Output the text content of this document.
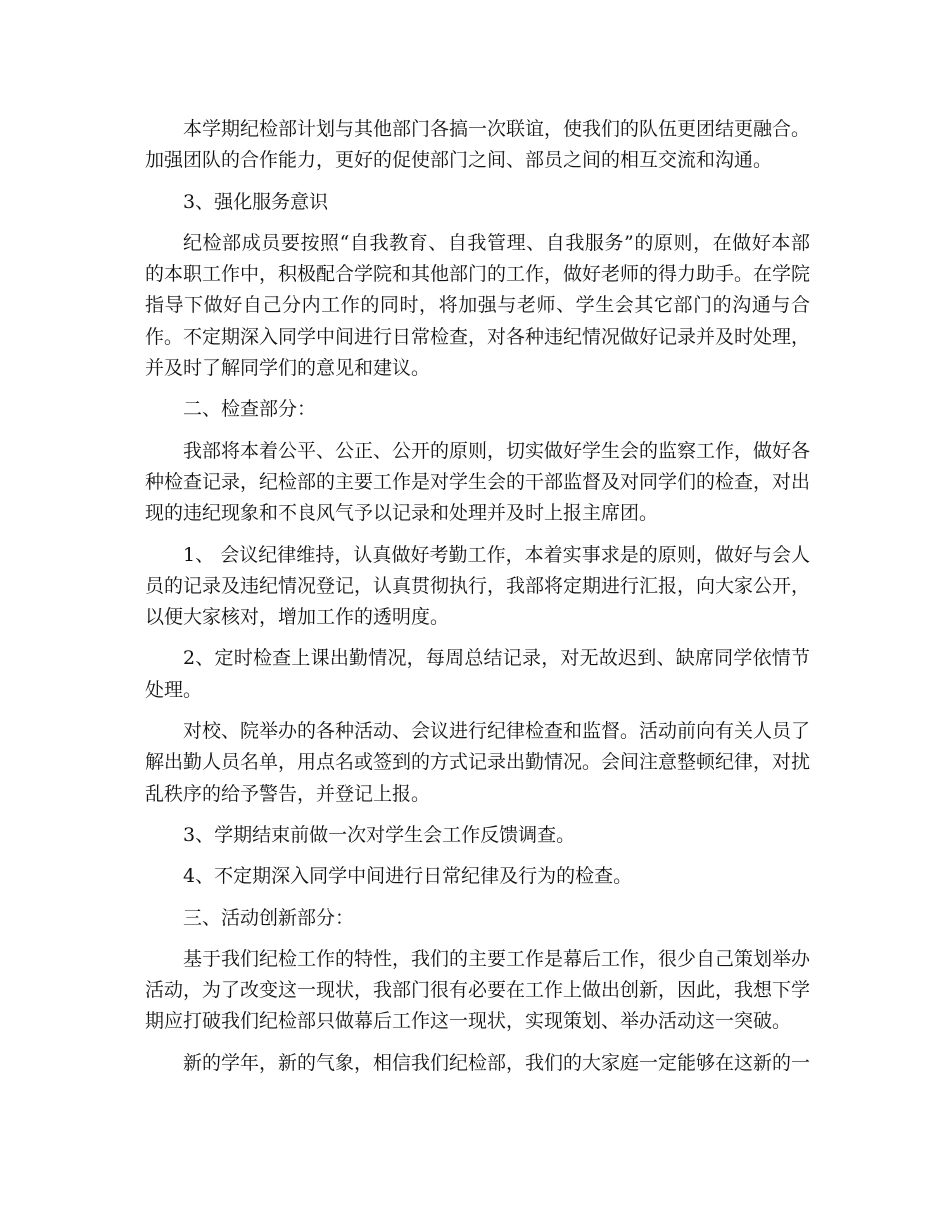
本学期纪检部计划与其他部门各搞一次联谊，使我们的队伍更团结更融合。加强团队的合作能力，更好的促使部门之间、部员之间的相互交流和沟通。

3、强化服务意识

纪检部成员要按照“自我教育、自我管理、自我服务”的原则，在做好本部的本职工作中，积极配合学院和其他部门的工作，做好老师的得力助手。在学院指导下做好自己分内工作的同时，将加强与老师、学生会其它部门的沟通与合作。不定期深入同学中间进行日常检查，对各种违纪情况做好记录并及时处理，并及时了解同学们的意见和建议。

二、检查部分：

我部将本着公平、公正、公开的原则，切实做好学生会的监察工作，做好各种检查记录，纪检部的主要工作是对学生会的干部监督及对同学们的检查，对出现的违纪现象和不良风气予以记录和处理并及时上报主席团。

1、 会议纪律维持，认真做好考勤工作，本着实事求是的原则，做好与会人员的记录及违纪情况登记，认真贯彻执行，我部将定期进行汇报，向大家公开，以便大家核对，增加工作的透明度。

2、定时检查上课出勤情况，每周总结记录，对无故迟到、缺席同学依情节处理。

对校、院举办的各种活动、会议进行纪律检查和监督。活动前向有关人员了解出勤人员名单，用点名或签到的方式记录出勤情况。会间注意整顿纪律，对扰乱秩序的给予警告，并登记上报。

3、学期结束前做一次对学生会工作反馈调查。

4、不定期深入同学中间进行日常纪律及行为的检查。

三、活动创新部分：

基于我们纪检工作的特性，我们的主要工作是幕后工作，很少自己策划举办活动，为了改变这一现状，我部门很有必要在工作上做出创新，因此，我想下学期应打破我们纪检部只做幕后工作这一现状，实现策划、举办活动这一突破。

新的学年，新的气象，相信我们纪检部，我们的大家庭一定能够在这新的一
